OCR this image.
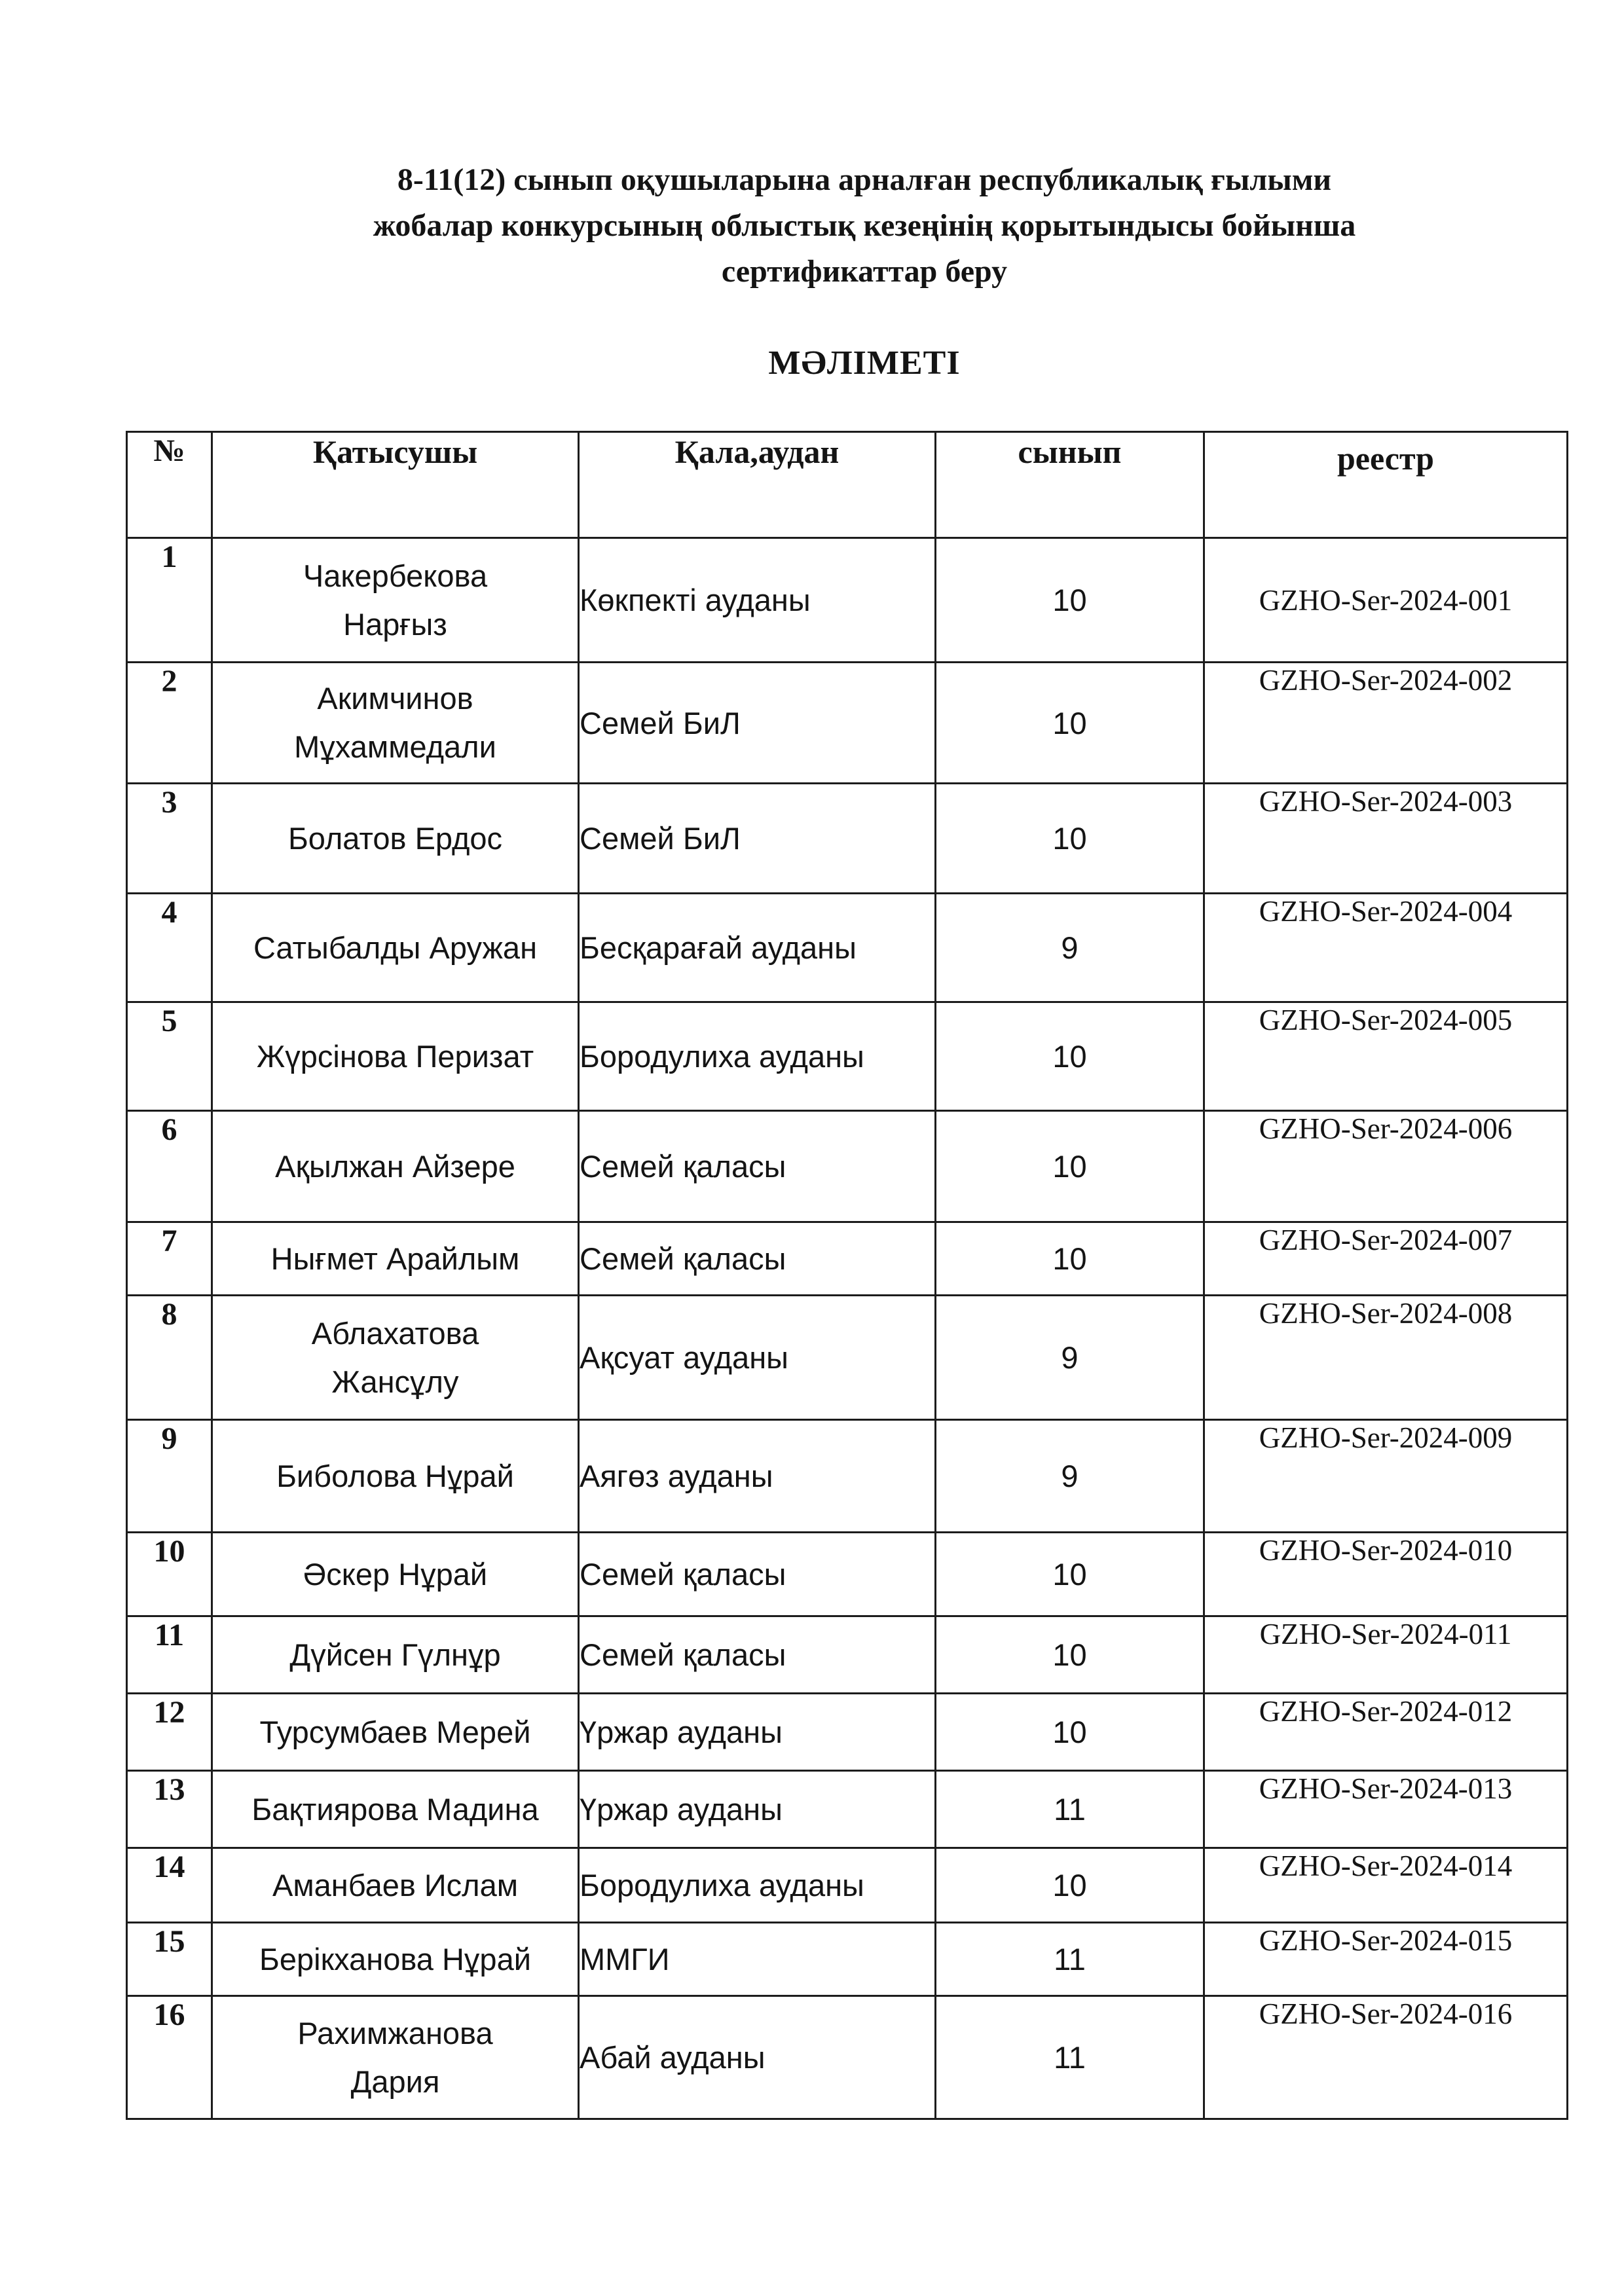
8-11(12) сынып оқушыларына арналған республикалық ғылыми
жобалар конкурсының облыстық кезеңінің қорытындысы бойынша
сертификаттар беру
МӘЛІМЕТІ
№	Қатысушы	Қала,аудан	сынып	реестр
1	Чакербекова
Нарғыз	Көкпекті ауданы	10	GZHO-Ser-2024-001
2	Акимчинов
Мұхаммедали	Семей БиЛ	10	GZHO-Ser-2024-002
3	Болатов Ердос	Семей БиЛ	10	GZHO-Ser-2024-003
4	Сатыбалды Аружан	Бесқарағай ауданы	9	GZHO-Ser-2024-004
5	Жүрсінова Перизат	Бородулиха ауданы	10	GZHO-Ser-2024-005
6	Ақылжан Айзере	Семей қаласы	10	GZHO-Ser-2024-006
7	Нығмет Арайлым	Семей қаласы	10	GZHO-Ser-2024-007
8	Аблахатова
Жансұлу	Ақсуат ауданы	9	GZHO-Ser-2024-008
9	Биболова Нұрай	Аягөз ауданы	9	GZHO-Ser-2024-009
10	Әскер Нұрай	Семей қаласы	10	GZHO-Ser-2024-010
11	Дүйсен Гүлнұр	Семей қаласы	10	GZHO-Ser-2024-011
12	Турсумбаев Мерей	Үржар ауданы	10	GZHO-Ser-2024-012
13	Бақтиярова Мадина	Үржар ауданы	11	GZHO-Ser-2024-013
14	Аманбаев Ислам	Бородулиха ауданы	10	GZHO-Ser-2024-014
15	Берікханова Нұрай	ММГИ	11	GZHO-Ser-2024-015
16	Рахимжанова
Дария	Абай ауданы	11	GZHO-Ser-2024-016
